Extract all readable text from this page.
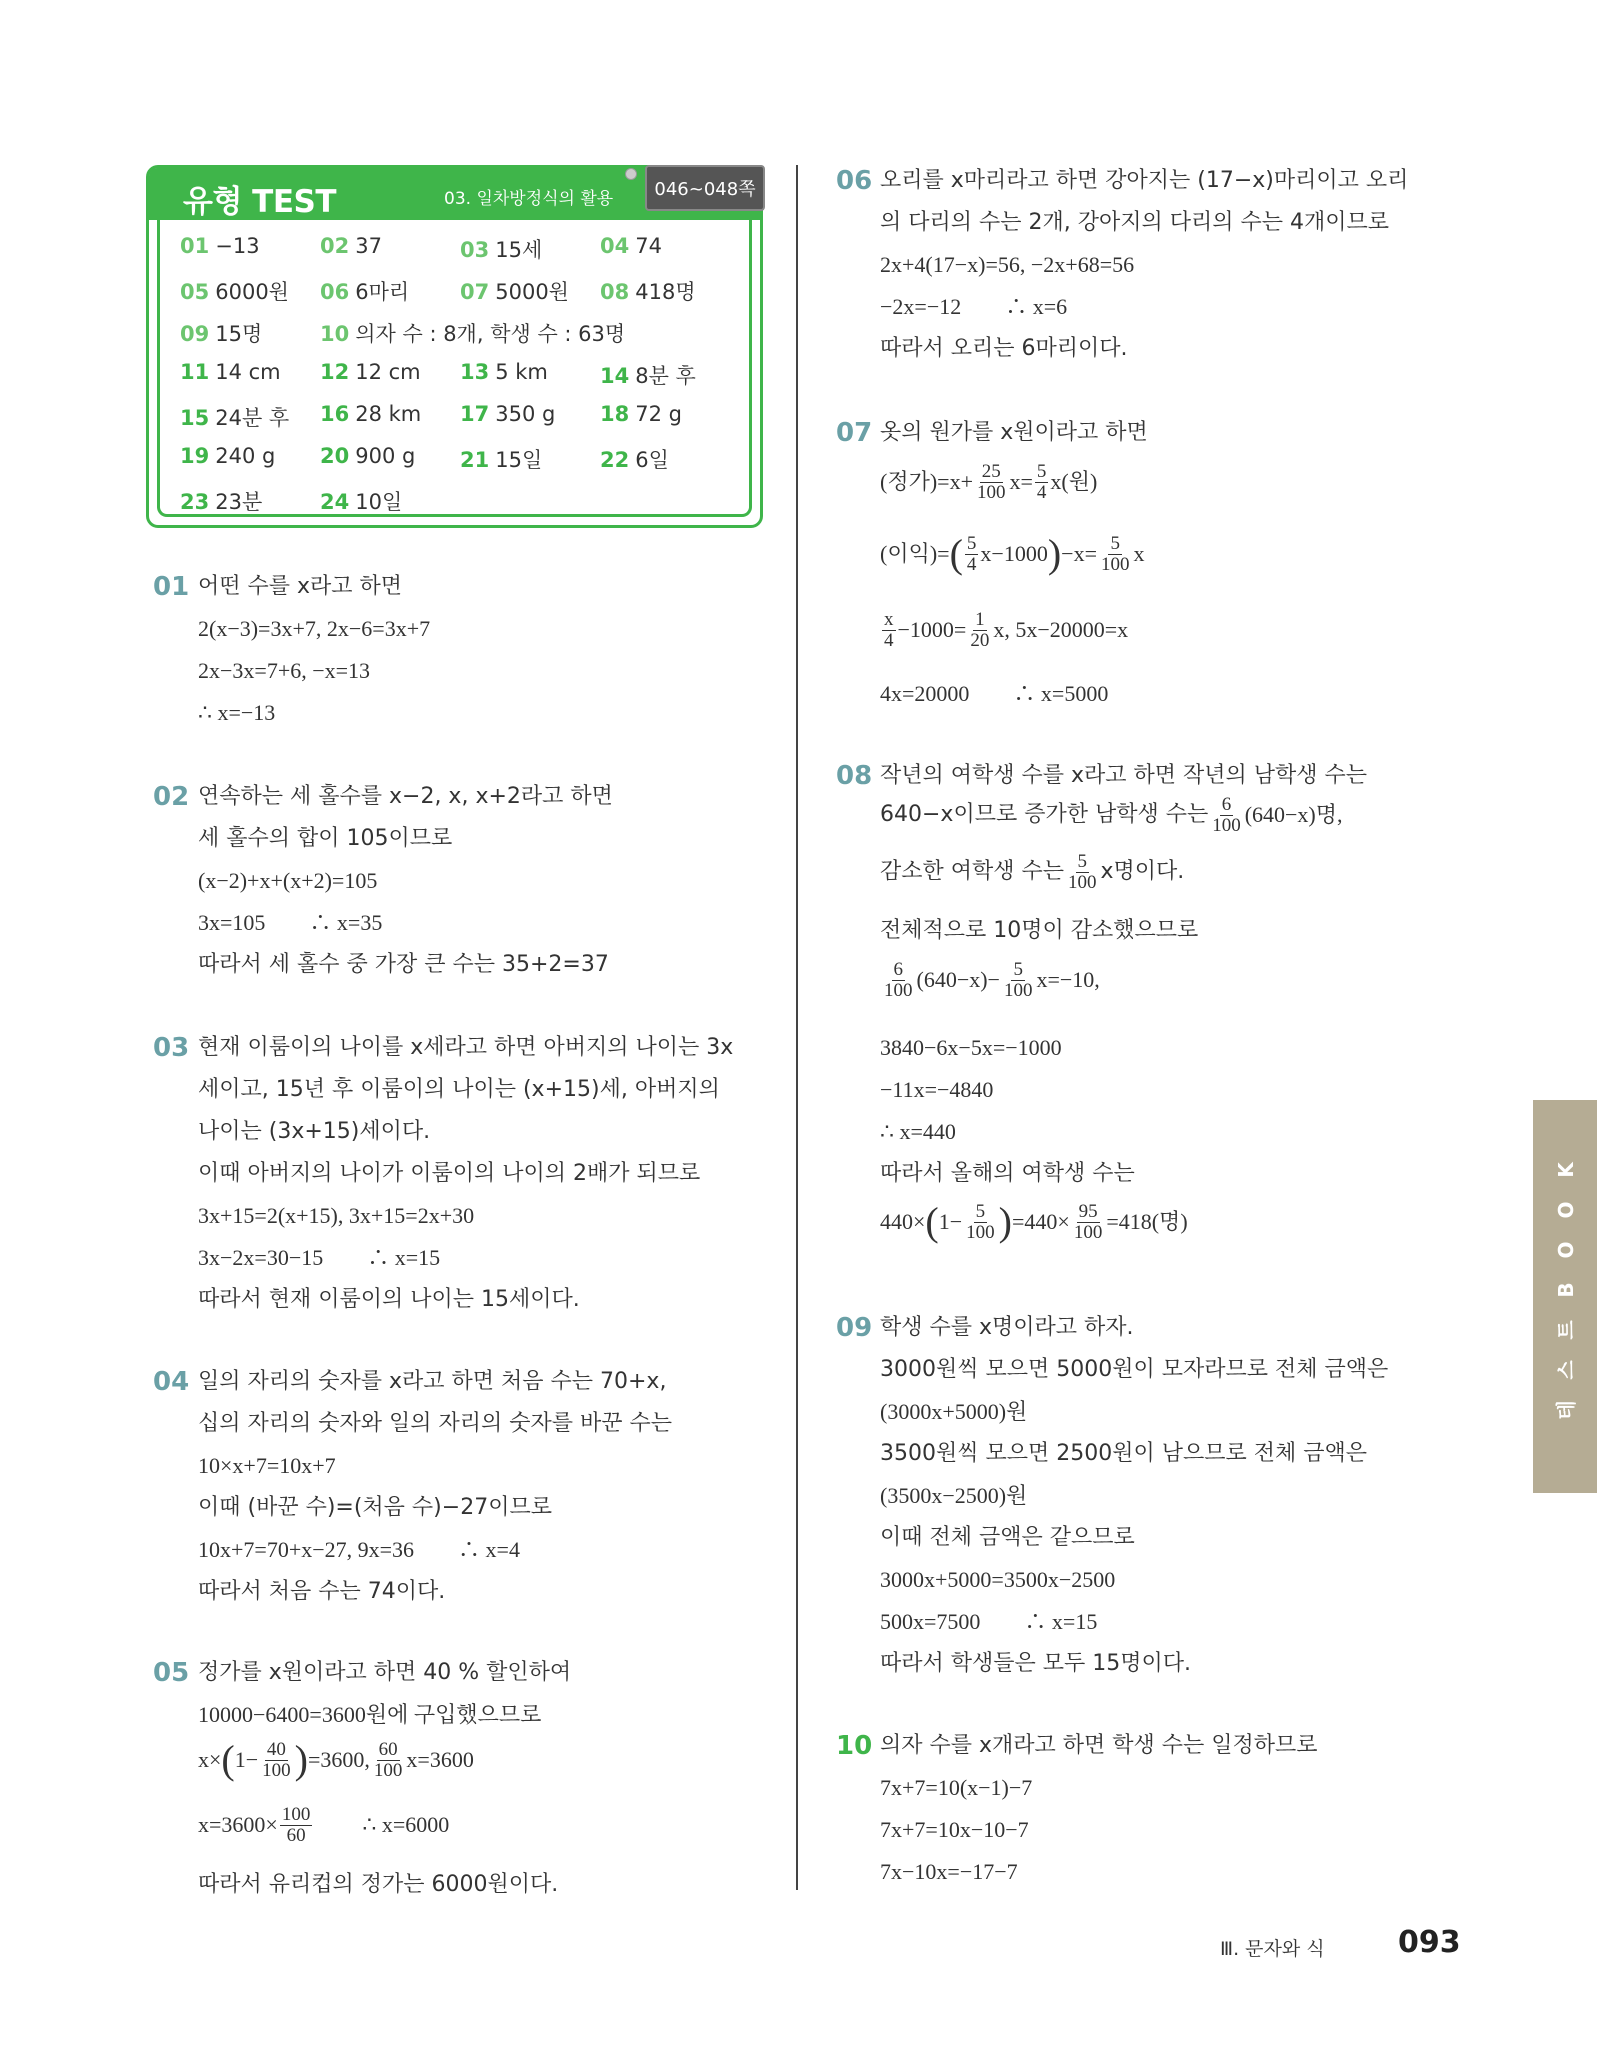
유형 TEST	03. 일차방정식의 활용
01 −13	02 37	03 15세	04 74
05 6000원 06 6마리 07 5000원 08 418명
09 15명	10 의자 수 : 8개, 학생 수 : 63명
11 14 cm 12 12 cm 13 5 km 14 8분 후
15 24분 후 16 28 km 17 350 g 18 72 g
19 240 g 20 900 g 21 15일	22 6일
23 23분	24 10일
046~048쪽
01 어떤 수를 x라고 하면
2(x−3)=3x+7, 2x−6=3x+7
2x−3x=7+6, −x=13
∴ x=−13
02 연속하는 세 홀수를 x−2, x, x+2라고 하면
세 홀수의 합이 105이므로
(x−2)+x+(x+2)=105
3x=105　　∴ x=35
따라서 세 홀수 중 가장 큰 수는 35+2=37
03 현재 이룸이의 나이를 x세라고 하면 아버지의 나이는 3x
세이고, 15년 후 이룸이의 나이는 (x+15)세, 아버지의
나이는 (3x+15)세이다.
이때 아버지의 나이가 이룸이의 나이의 2배가 되므로
3x+15=2(x+15), 3x+15=2x+30
3x−2x=30−15　　∴ x=15
따라서 현재 이룸이의 나이는 15세이다.
04 일의 자리의 숫자를 x라고 하면 처음 수는 70+x,
십의 자리의 숫자와 일의 자리의 숫자를 바꾼 수는
10×x+7=10x+7
이때 (바꾼 수)=(처음 수)−27이므로
10x+7=70+x−27, 9x=36　　∴ x=4
따라서 처음 수는 74이다.
05 정가를 x원이라고 하면 40 % 할인하여
10000−6400=3600원에 구입했으므로
x× ( $1- \frac{40}{100}$ ) =3600, $\frac{60}{100} x=3600$
$x=3600\times \frac{100}{60}$ ∴ x=6000
따라서 유리컵의 정가는 6000원이다.
06 오리를 x마리라고 하면 강아지는 (17−x)마리이고 오리
의 다리의 수는 2개, 강아지의 다리의 수는 4개이므로
2x+4(17−x)=56, −2x+68=56
−2x=−12　　∴ x=6
따라서 오리는 6마리이다.
07 옷의 원가를 x원이라고 하면
(정가)$=x+ \frac{25}{100} x= \frac{5}{4} x$(원)
(이익)= ( $\frac{5}{4} x-1000$ ) $-x= \frac{5}{100}$ x
$\frac{x}{4} -1000= \frac{1}{20} x$, 5x−20000=x
4x=20000　　∴ x=5000
08 작년의 여학생 수를 x라고 하면 작년의 남학생 수는
640−x이므로 증가한 남학생 수는 $\frac{6}{100} (640-x)$명,
감소한 여학생 수는 $\frac{5}{100}$ x명이다.
전체적으로 10명이 감소했으므로
$\frac{6}{100} (640-x)- \frac{5}{100} x=-10$,
3840−6x−5x=−1000
−11x=−4840
∴ x=440
따라서 올해의 여학생 수는
440× ( $1- \frac{5}{100}$ ) $=440\times \frac{95}{100} =418$(명)
09 학생 수를 x명이라고 하자.
3000원씩 모으면 5000원이 모자라므로 전체 금액은
(3000x+5000)원
3500원씩 모으면 2500원이 남으므로 전체 금액은
(3500x−2500)원
이때 전체 금액은 같으므로
3000x+5000=3500x−2500
500x=7500　　∴ x=15
따라서 학생들은 모두 15명이다.
10 의자 수를 x개라고 하면 학생 수는 일정하므로
7x+7=10(x−1)−7
7x+7=10x−10−7
7x−10x=−17−7
K
O
O
B
트
스
테
Ⅲ. 문자와 식 093
